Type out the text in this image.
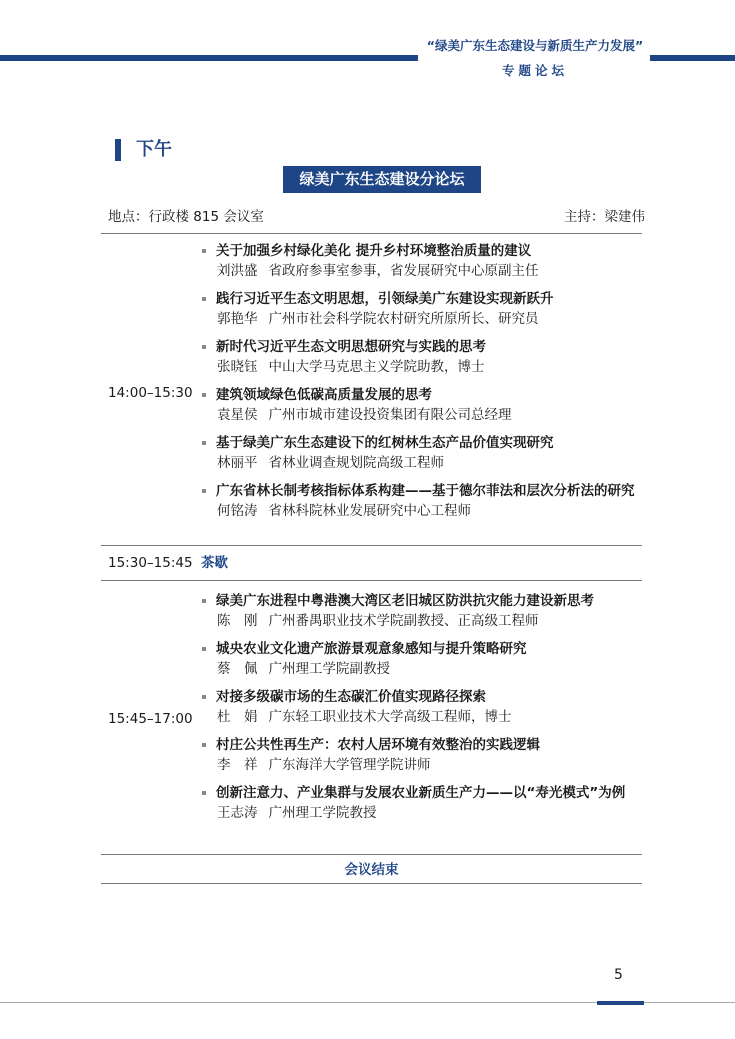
“绿美广东生态建设与新质生产力发展”
专题论坛
下午
绿美广东生态建设分论坛
地点：行政楼 815 会议室	主持：梁建伟
14:00–15:30
关于加强乡村绿化美化 提升乡村环境整治质量的建议
刘洪盛 省政府参事室参事，省发展研究中心原副主任
践行习近平生态文明思想，引领绿美广东建设实现新跃升
郭艳华 广州市社会科学院农村研究所原所长、研究员
新时代习近平生态文明思想研究与实践的思考
张晓钰 中山大学马克思主义学院助教，博士
建筑领域绿色低碳高质量发展的思考
袁星侯 广州市城市建设投资集团有限公司总经理
基于绿美广东生态建设下的红树林生态产品价值实现研究
林丽平 省林业调查规划院高级工程师
广东省林长制考核指标体系构建——基于德尔菲法和层次分析法的研究
何铭涛 省林科院林业发展研究中心工程师
15:30–15:45 茶歇
15:45–17:00
绿美广东进程中粤港澳大湾区老旧城区防洪抗灾能力建设新思考
陈　刚 广州番禺职业技术学院副教授、正高级工程师
城央农业文化遗产旅游景观意象感知与提升策略研究
蔡　佩 广州理工学院副教授
对接多级碳市场的生态碳汇价值实现路径探索
杜　娟 广东轻工职业技术大学高级工程师，博士
村庄公共性再生产：农村人居环境有效整治的实践逻辑
李　祥 广东海洋大学管理学院讲师
创新注意力、产业集群与发展农业新质生产力——以“寿光模式”为例
王志涛 广州理工学院教授
会议结束
5
